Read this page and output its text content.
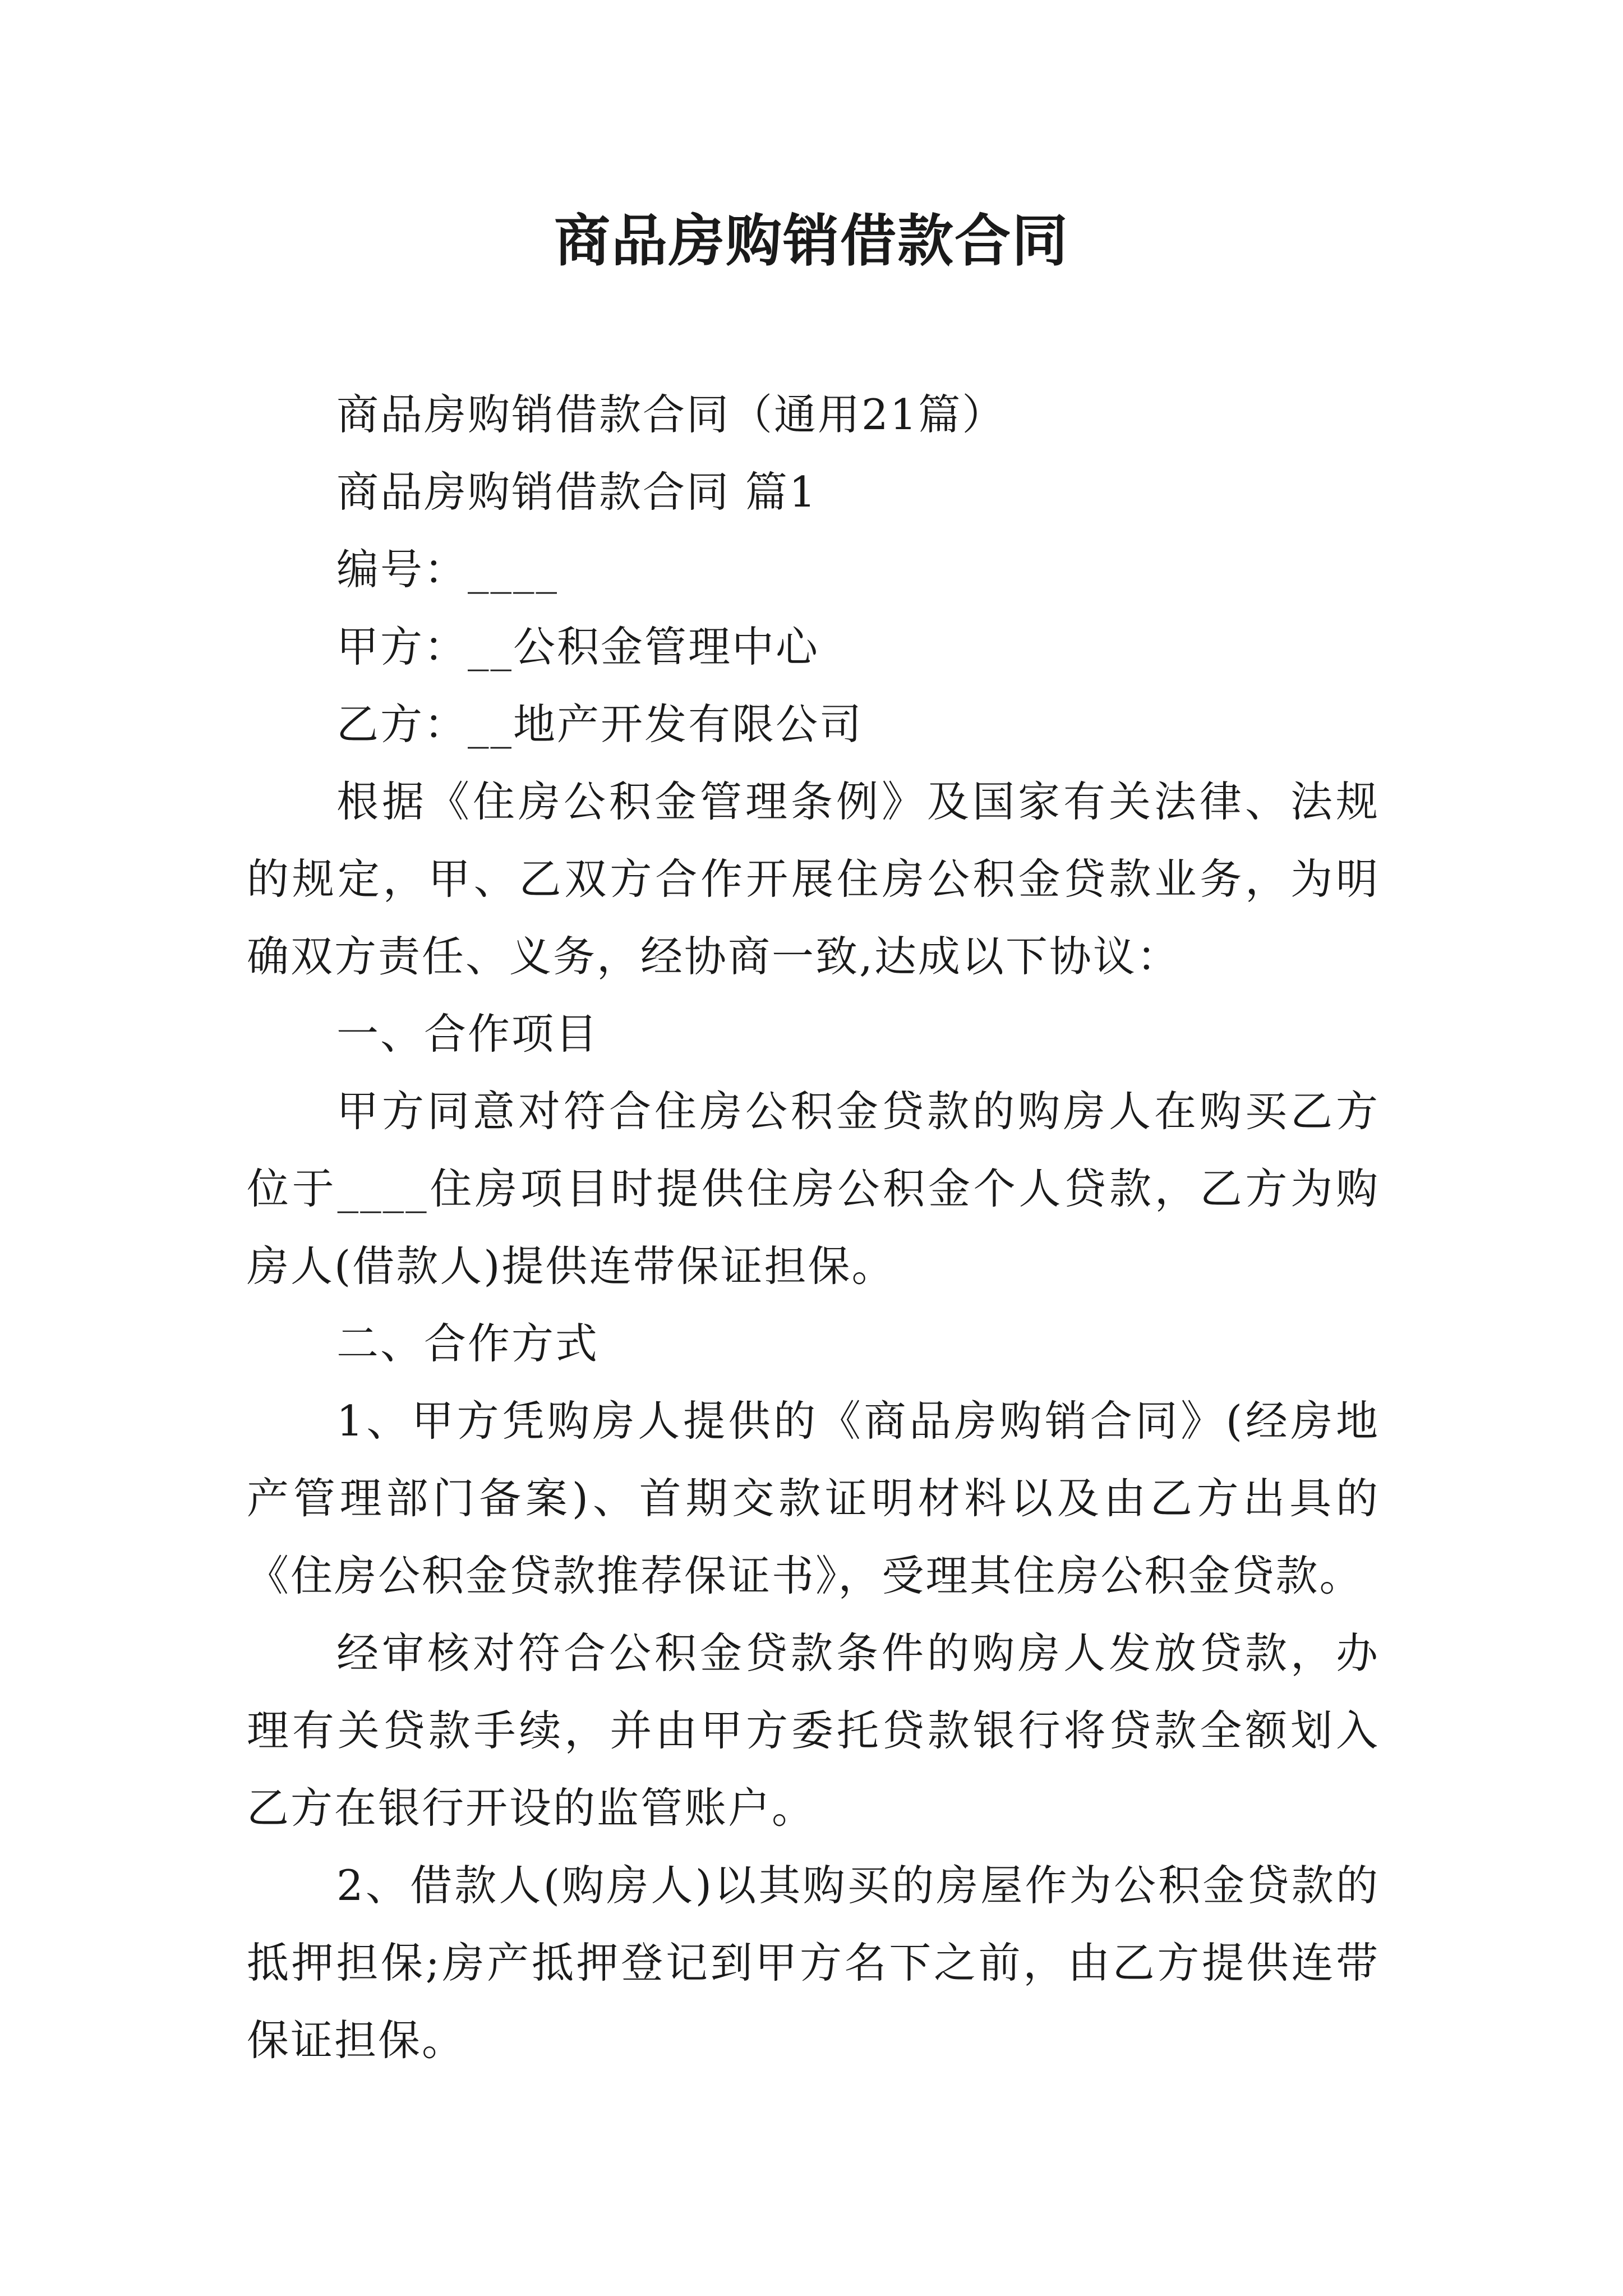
商品房购销借款合同

商品房购销借款合同（通用21篇）

商品房购销借款合同 篇1

编号：____

甲方：__公积金管理中心

乙方：__地产开发有限公司

根据《住房公积金管理条例》及国家有关法律、法规的规定，甲、乙双方合作开展住房公积金贷款业务，为明确双方责任、义务，经协商一致,达成以下协议：

一、合作项目

甲方同意对符合住房公积金贷款的购房人在购买乙方位于____住房项目时提供住房公积金个人贷款，乙方为购房人(借款人)提供连带保证担保。

二、合作方式

1、甲方凭购房人提供的《商品房购销合同》(经房地产管理部门备案)、首期交款证明材料以及由乙方出具的《住房公积金贷款推荐保证书》，受理其住房公积金贷款。

经审核对符合公积金贷款条件的购房人发放贷款，办理有关贷款手续，并由甲方委托贷款银行将贷款全额划入乙方在银行开设的监管账户。

2、借款人(购房人)以其购买的房屋作为公积金贷款的抵押担保;房产抵押登记到甲方名下之前，由乙方提供连带保证担保。
